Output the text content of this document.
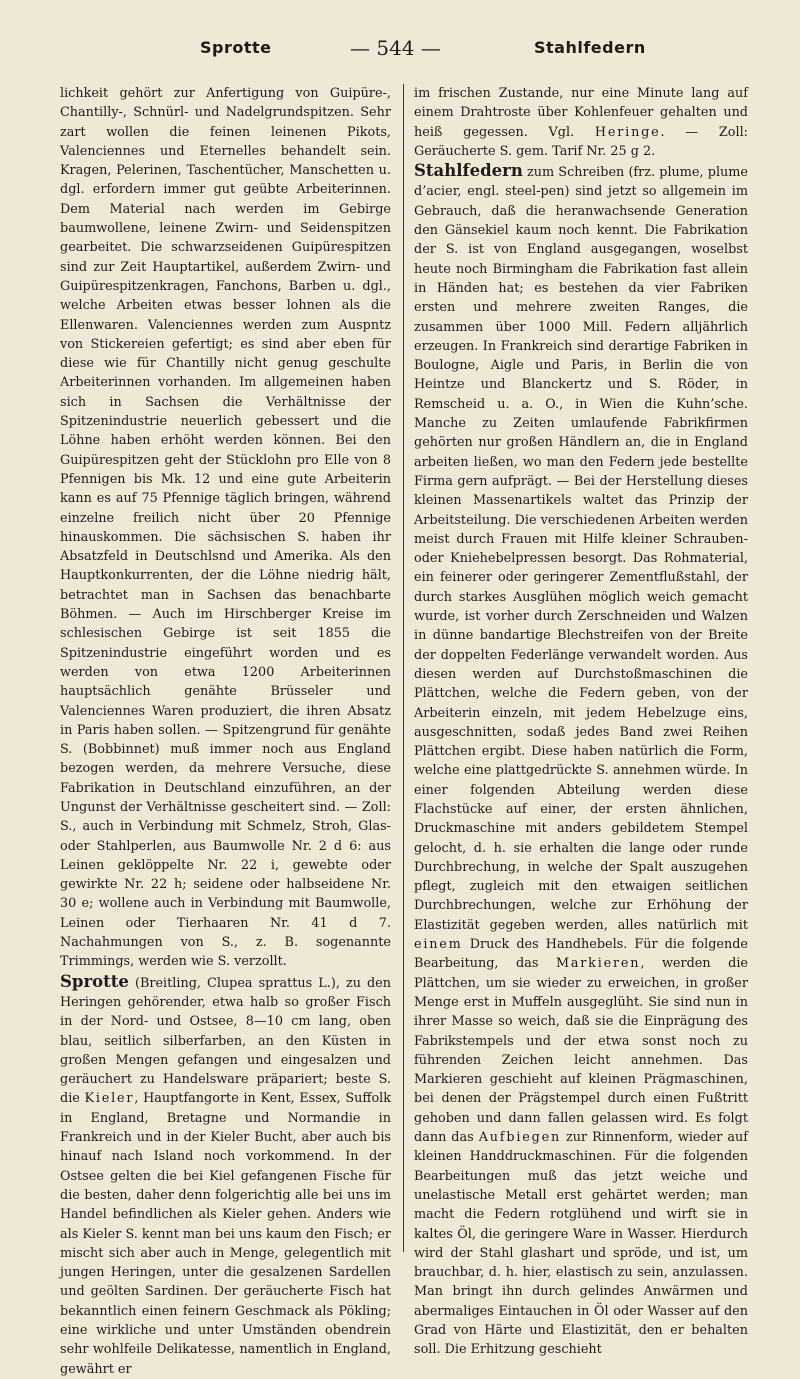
Sprotte	— 544 —	Stahlfedern

lichkeit gehört zur Anfertigung von Guipüre-, Chantilly-, Schnürl- und Nadelgrundspitzen. Sehr zart wollen die feinen leinenen Pikots, Valenciennes und Eternelles behandelt sein. Kragen, Pelerinen, Taschentücher, Manschetten u. dgl. erfordern immer gut geübte Arbeiterinnen. Dem Material nach werden im Gebirge baumwollene, leinene Zwirn- und Seidenspitzen gearbeitet. Die schwarzseidenen Guipürespitzen sind zur Zeit Hauptartikel, außerdem Zwirn- und Guipürespitzenkragen, Fanchons, Barben u. dgl., welche Arbeiten etwas besser lohnen als die Ellenwaren. Valenciennes werden zum Auspntz von Stickereien gefertigt; es sind aber eben für diese wie für Chantilly nicht genug geschulte Arbeiterinnen vorhanden. Im allgemeinen haben sich in Sachsen die Verhältnisse der Spitzenindustrie neuerlich gebessert und die Löhne haben erhöht werden können. Bei den Guipürespitzen geht der Stücklohn pro Elle von 8 Pfennigen bis Mk. 12 und eine gute Arbeiterin kann es auf 75 Pfennige täglich bringen, während einzelne freilich nicht über 20 Pfennige hinauskommen. Die sächsischen S. haben ihr Absatzfeld in Deutschlsnd und Amerika. Als den Hauptkonkurrenten, der die Löhne niedrig hält, betrachtet man in Sachsen das benachbarte Böhmen. — Auch im Hirschberger Kreise im schlesischen Gebirge ist seit 1855 die Spitzenindustrie eingeführt worden und es werden von etwa 1200 Arbeiterinnen hauptsächlich genähte Brüsseler und Valenciennes Waren produziert, die ihren Absatz in Paris haben sollen. — Spitzengrund für genähte S. (Bobbinnet) muß immer noch aus England bezogen werden, da mehrere Versuche, diese Fabrikation in Deutschland einzuführen, an der Ungunst der Verhältnisse gescheitert sind. — Zoll: S., auch in Verbindung mit Schmelz, Stroh, Glas- oder Stahlperlen, aus Baumwolle Nr. 2 d 6: aus Leinen geklöppelte Nr. 22 i, gewebte oder gewirkte Nr. 22 h; seidene oder halbseidene Nr. 30 e; wollene auch in Verbindung mit Baumwolle, Leinen oder Tierhaaren Nr. 41 d 7. Nachahmungen von S., z. B. sogenannte Trimmings, werden wie S. verzollt.

Sprotte (Breitling, Clupea sprattus L.), zu den Heringen gehörender, etwa halb so großer Fisch in der Nord- und Ostsee, 8—10 cm lang, oben blau, seitlich silberfarben, an den Küsten in großen Mengen gefangen und eingesalzen und geräuchert zu Handelsware präpariert; beste S. die Kieler, Hauptfangorte in Kent, Essex, Suffolk in England, Bretagne und Normandie in Frankreich und in der Kieler Bucht, aber auch bis hinauf nach Island noch vorkommend. In der Ostsee gelten die bei Kiel gefangenen Fische für die besten, daher denn folgerichtig alle bei uns im Handel befindlichen als Kieler gehen. Anders wie als Kieler S. kennt man bei uns kaum den Fisch; er mischt sich aber auch in Menge, gelegentlich mit jungen Heringen, unter die gesalzenen Sardellen und geölten Sardinen. Der geräucherte Fisch hat bekanntlich einen feinern Geschmack als Pökling; eine wirkliche und unter Umständen obendrein sehr wohlfeile Delikatesse, namentlich in England, gewährt er

im frischen Zustande, nur eine Minute lang auf einem Drahtroste über Kohlenfeuer gehalten und heiß gegessen. Vgl. Heringe. — Zoll: Geräucherte S. gem. Tarif Nr. 25 g 2.

Stahlfedern zum Schreiben (frz. plume, plume d’acier, engl. steel-pen) sind jetzt so allgemein im Gebrauch, daß die heranwachsende Generation den Gänsekiel kaum noch kennt. Die Fabrikation der S. ist von England ausgegangen, woselbst heute noch Birmingham die Fabrikation fast allein in Händen hat; es bestehen da vier Fabriken ersten und mehrere zweiten Ranges, die zusammen über 1000 Mill. Federn alljährlich erzeugen. In Frankreich sind derartige Fabriken in Boulogne, Aigle und Paris, in Berlin die von Heintze und Blanckertz und S. Röder, in Remscheid u. a. O., in Wien die Kuhn’sche. Manche zu Zeiten umlaufende Fabrikfirmen gehörten nur großen Händlern an, die in England arbeiten ließen, wo man den Federn jede bestellte Firma gern aufprägt. — Bei der Herstellung dieses kleinen Massenartikels waltet das Prinzip der Arbeitsteilung. Die verschiedenen Arbeiten werden meist durch Frauen mit Hilfe kleiner Schrauben- oder Kniehebelpressen besorgt. Das Rohmaterial, ein feinerer oder geringerer Zementflußstahl, der durch starkes Ausglühen möglich weich gemacht wurde, ist vorher durch Zerschneiden und Walzen in dünne bandartige Blechstreifen von der Breite der doppelten Federlänge verwandelt worden. Aus diesen werden auf Durchstoßmaschinen die Plättchen, welche die Federn geben, von der Arbeiterin einzeln, mit jedem Hebelzuge eins, ausgeschnitten, sodaß jedes Band zwei Reihen Plättchen ergibt. Diese haben natürlich die Form, welche eine plattgedrückte S. annehmen würde. In einer folgenden Abteilung werden diese Flachstücke auf einer, der ersten ähnlichen, Druckmaschine mit anders gebildetem Stempel gelocht, d. h. sie erhalten die lange oder runde Durchbrechung, in welche der Spalt auszugehen pflegt, zugleich mit den etwaigen seitlichen Durchbrechungen, welche zur Erhöhung der Elastizität gegeben werden, alles natürlich mit einem Druck des Handhebels. Für die folgende Bearbeitung, das Markieren, werden die Plättchen, um sie wieder zu erweichen, in großer Menge erst in Muffeln ausgeglüht. Sie sind nun in ihrer Masse so weich, daß sie die Einprägung des Fabrikstempels und der etwa sonst noch zu führenden Zeichen leicht annehmen. Das Markieren geschieht auf kleinen Prägmaschinen, bei denen der Prägstempel durch einen Fußtritt gehoben und dann fallen gelassen wird. Es folgt dann das Aufbiegen zur Rinnenform, wieder auf kleinen Handdruckmaschinen. Für die folgenden Bearbeitungen muß das jetzt weiche und unelastische Metall erst gehärtet werden; man macht die Federn rotglühend und wirft sie in kaltes Öl, die geringere Ware in Wasser. Hierdurch wird der Stahl glashart und spröde, und ist, um brauchbar, d. h. hier, elastisch zu sein, anzulassen. Man bringt ihn durch gelindes Anwärmen und abermaliges Eintauchen in Öl oder Wasser auf den Grad von Härte und Elastizität, den er behalten soll. Die Erhitzung geschieht
